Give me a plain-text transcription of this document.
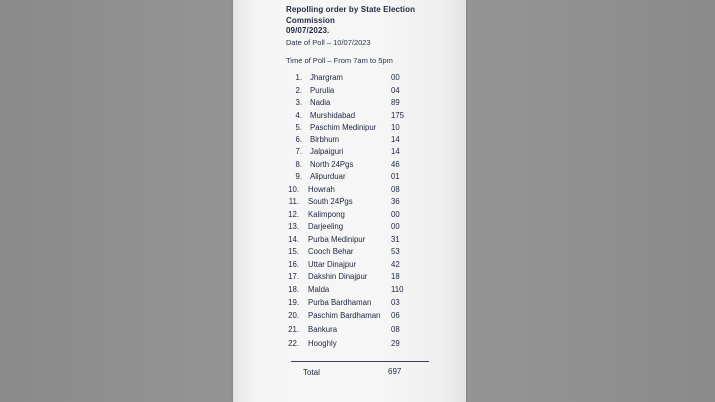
Repolling order by State Election Commission
09/07/2023.
Date of Poll – 10/07/2023
Time of Poll – From 7am to 5pm
1. Jhargram	00
2. Purulia	04
3. Nadia	89
4. Murshidabad	175
5. Paschim Medinipur 10
6. Birbhum	14
7. Jalpaiguri	14
8. North 24Pgs	46
9. Alipurduar	01
10. Howrah	08
11. South 24Pgs	36
12. Kalimpong	00
13. Darjeeling	00
14. Purba Medinipur	31
15. Cooch Behar	53
16. Uttar Dinajpur	42
17. Dakshin Dinajpur	18
18. Malda	110
19. Purba Bardhaman	03
20. Paschim Bardhaman 06
21. Bankura	08
22. Hooghly	29
Total	697
